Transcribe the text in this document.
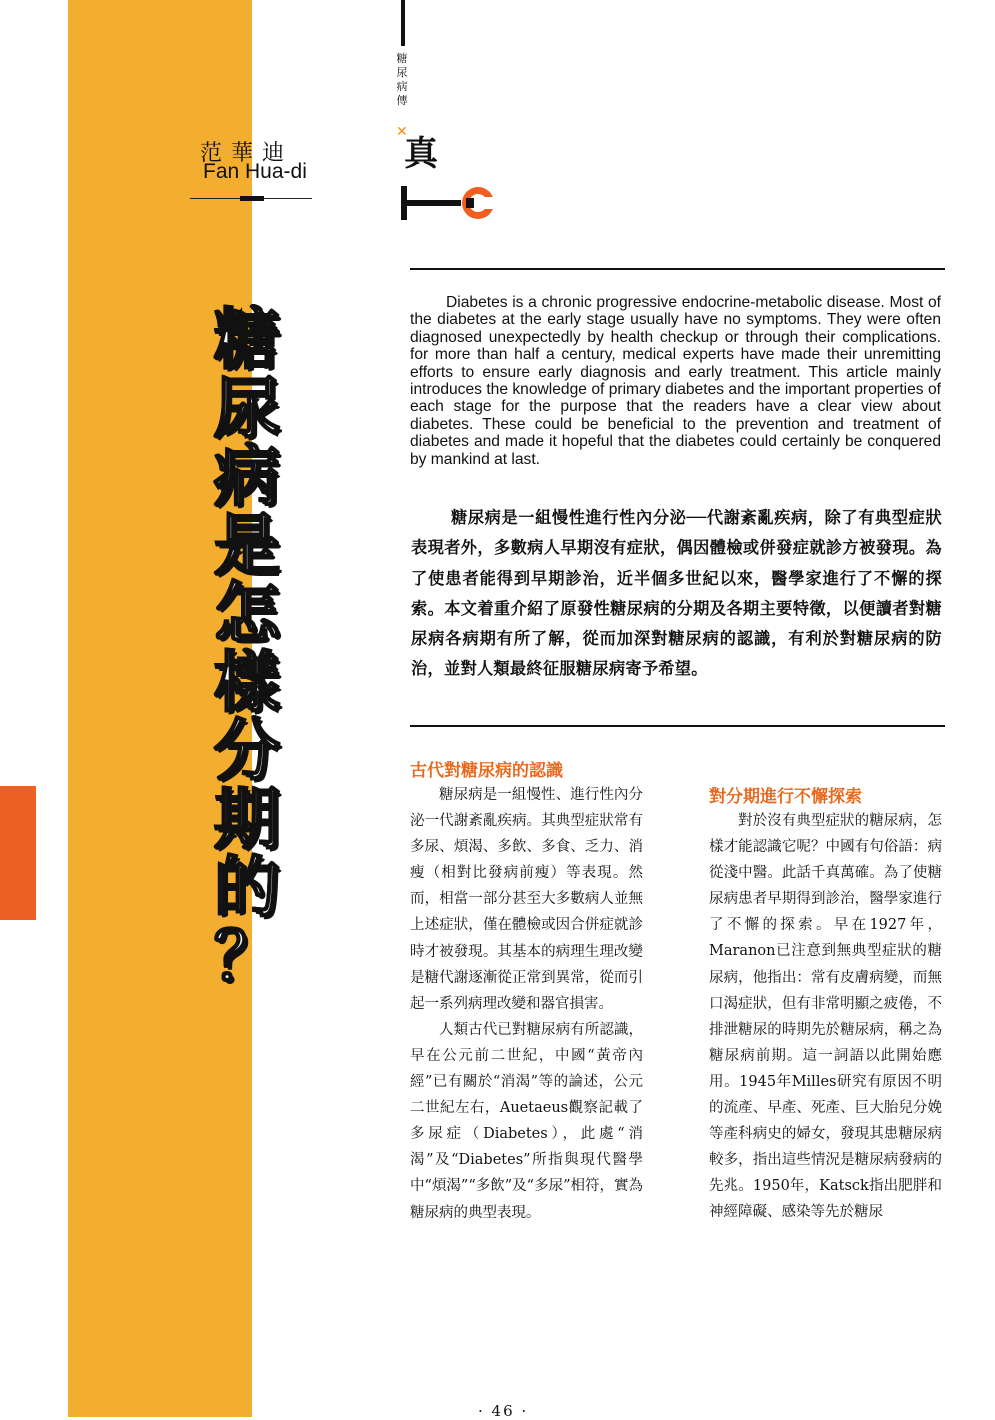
范華迪
Fan Hua-di
糖
尿
病
是
怎
樣
分
期
的
？
糖
尿
病
傳
✕
真

Diabetes is a chronic progressive endocrine-metabolic disease. Most of the diabetes at the early stage usually have no symptoms. They were often diagnosed unexpectedly by health checkup or through their complications. for more than half a century, medical experts have made their unremitting efforts to ensure early diagnosis and early treatment. This article mainly introduces the knowledge of primary diabetes and the important properties of each stage for the purpose that the readers have a clear view about diabetes. These could be beneficial to the prevention and treatment of diabetes and made it hopeful that the diabetes could certainly be conquered by mankind at last.

糖尿病是一組慢性進行性內分泌──代謝紊亂疾病，除了有典型症狀表現者外，多數病人早期沒有症狀，偶因體檢或併發症就診方被發現。為了使患者能得到早期診治，近半個多世紀以來，醫學家進行了不懈的探索。本文着重介紹了原發性糖尿病的分期及各期主要特徵，以便讀者對糖尿病各病期有所了解，從而加深對糖尿病的認識，有利於對糖尿病的防治，並對人類最終征服糖尿病寄予希望。

古代對糖尿病的認識

糖尿病是一組慢性、進行性內分泌一代謝紊亂疾病。其典型症狀常有多尿、煩渴、多飲、多食、乏力、消瘦（相對比發病前瘦）等表現。然而，相當一部分甚至大多數病人並無上述症狀，僅在體檢或因合併症就診時才被發現。其基本的病理生理改變是糖代謝逐漸從正常到異常，從而引起一系列病理改變和器官損害。

人類古代已對糖尿病有所認識，早在公元前二世紀，中國“黃帝內經”已有關於“消渴”等的論述，公元二世紀左右，Auetaeus觀察記載了多尿症（Diabetes），此處“消渴”及“Diabetes”所指與現代醫學中“煩渴”“多飲”及“多尿”相符，實為糖尿病的典型表現。

對分期進行不懈探索

對於沒有典型症狀的糖尿病，怎樣才能認識它呢？中國有句俗語：病從淺中醫。此話千真萬確。為了使糖尿病患者早期得到診治，醫學家進行了不懈的探索。早在1927年，Maranon已注意到無典型症狀的糖尿病，他指出：常有皮膚病變，而無口渴症狀，但有非常明顯之疲倦，不排泄糖尿的時期先於糖尿病，稱之為糖尿病前期。這一詞語以此開始應用。1945年Milles研究有原因不明的流產、早產、死產、巨大胎兒分娩等產科病史的婦女，發現其患糖尿病較多，指出這些情況是糖尿病發病的先兆。1950年，Katsck指出肥胖和神經障礙、感染等先於糖尿

· 46 ·
